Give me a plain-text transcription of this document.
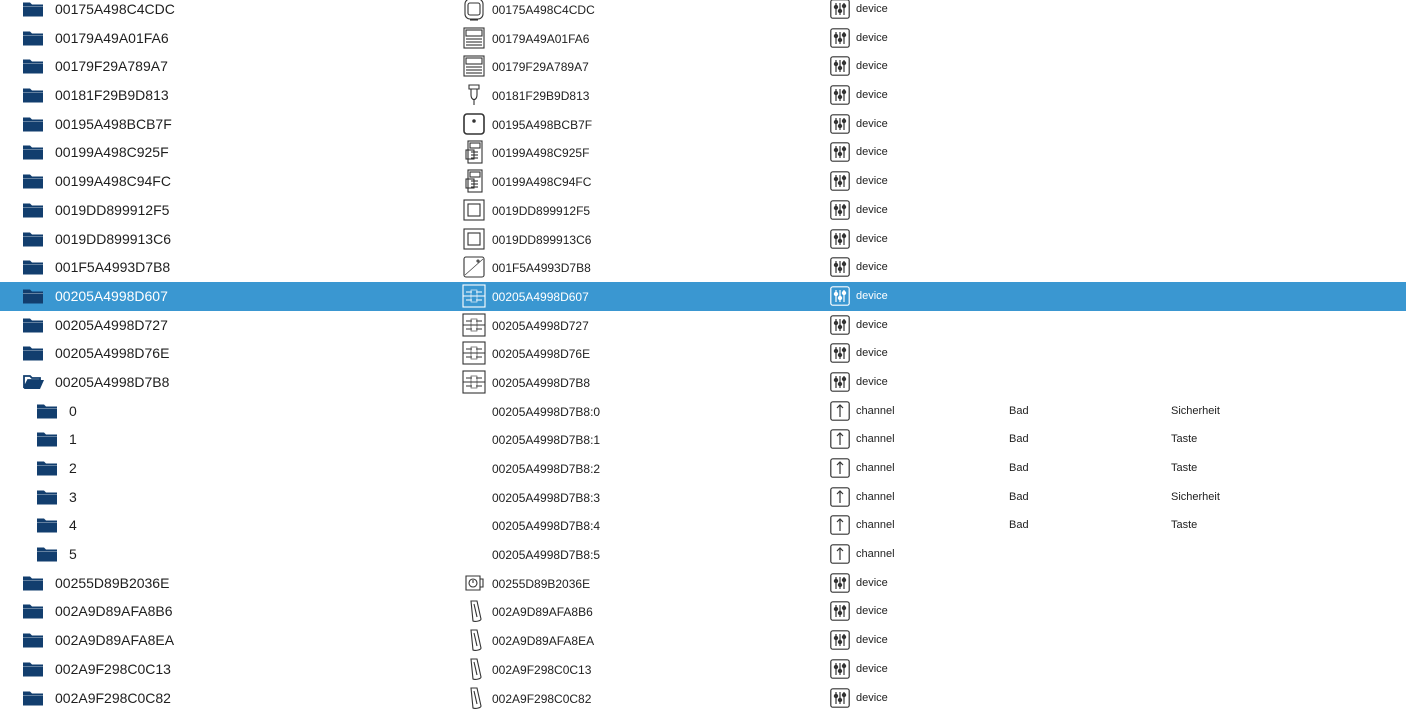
00175A498C4CDC	00175A498C4CDC	device
00179A49A01FA6	00179A49A01FA6	device
00179F29A789A7	00179F29A789A7	device
00181F29B9D813	00181F29B9D813	device
00195A498BCB7F	00195A498BCB7F	device
00199A498C925F	00199A498C925F	device
00199A498C94FC	00199A498C94FC	device
0019DD899912F5	0019DD899912F5	device
0019DD899913C6	0019DD899913C6	device
001F5A4993D7B8	001F5A4993D7B8	device
00205A4998D607	00205A4998D607	device
00205A4998D727	00205A4998D727	device
00205A4998D76E	00205A4998D76E	device
00205A4998D7B8	00205A4998D7B8	device
0	00205A4998D7B8:0	channel	Bad	Sicherheit
1	00205A4998D7B8:1	channel	Bad	Taste
2	00205A4998D7B8:2	channel	Bad	Taste
3	00205A4998D7B8:3	channel	Bad	Sicherheit
4	00205A4998D7B8:4	channel	Bad	Taste
5	00205A4998D7B8:5	channel
00255D89B2036E	00255D89B2036E	device
002A9D89AFA8B6	002A9D89AFA8B6	device
002A9D89AFA8EA	002A9D89AFA8EA	device
002A9F298C0C13	002A9F298C0C13	device
002A9F298C0C82	002A9F298C0C82	device
